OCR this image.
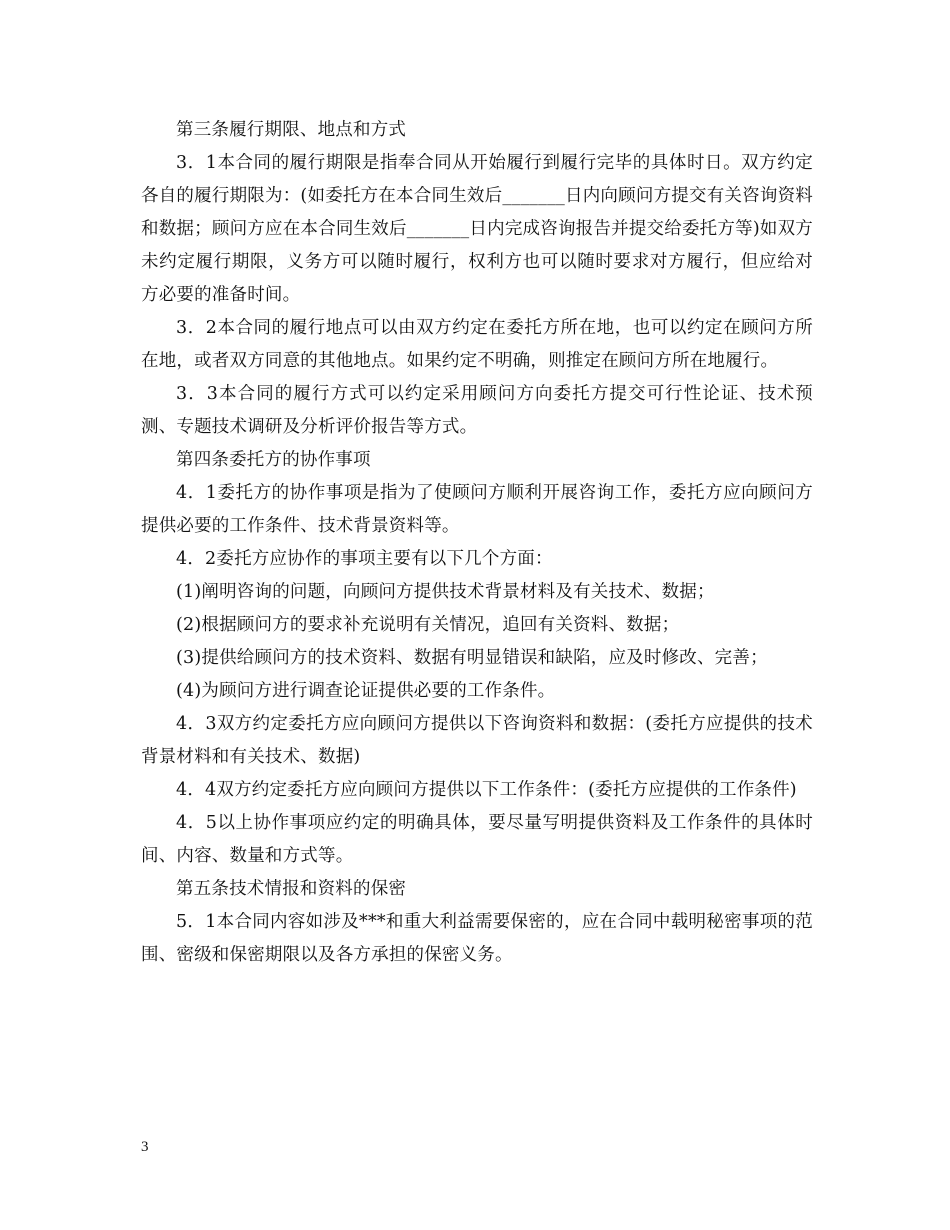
第三条履行期限、地点和方式

3．1本合同的履行期限是指奉合同从开始履行到履行完毕的具体时日。双方约定各自的履行期限为：(如委托方在本合同生效后_______日内向顾问方提交有关咨询资料和数据；顾问方应在本合同生效后_______日内完成咨询报告并提交给委托方等)如双方未约定履行期限，义务方可以随时履行，权利方也可以随时要求对方履行，但应给对方必要的准备时间。

3．2本合同的履行地点可以由双方约定在委托方所在地，也可以约定在顾问方所在地，或者双方同意的其他地点。如果约定不明确，则推定在顾问方所在地履行。

3．3本合同的履行方式可以约定采用顾问方向委托方提交可行性论证、技术预测、专题技术调研及分析评价报告等方式。

第四条委托方的协作事项

4．1委托方的协作事项是指为了使顾问方顺利开展咨询工作，委托方应向顾问方提供必要的工作条件、技术背景资料等。

4．2委托方应协作的事项主要有以下几个方面：

(1)阐明咨询的问题，向顾问方提供技术背景材料及有关技术、数据；

(2)根据顾问方的要求补充说明有关情况，追回有关资料、数据；

(3)提供给顾问方的技术资料、数据有明显错误和缺陷，应及时修改、完善；

(4)为顾问方进行调查论证提供必要的工作条件。

4．3双方约定委托方应向顾问方提供以下咨询资料和数据：(委托方应提供的技术背景材料和有关技术、数据)

4．4双方约定委托方应向顾问方提供以下工作条件：(委托方应提供的工作条件)

4．5以上协作事项应约定的明确具体，要尽量写明提供资料及工作条件的具体时间、内容、数量和方式等。

第五条技术情报和资料的保密

5．1本合同内容如涉及***和重大利益需要保密的，应在合同中载明秘密事项的范围、密级和保密期限以及各方承担的保密义务。

3
